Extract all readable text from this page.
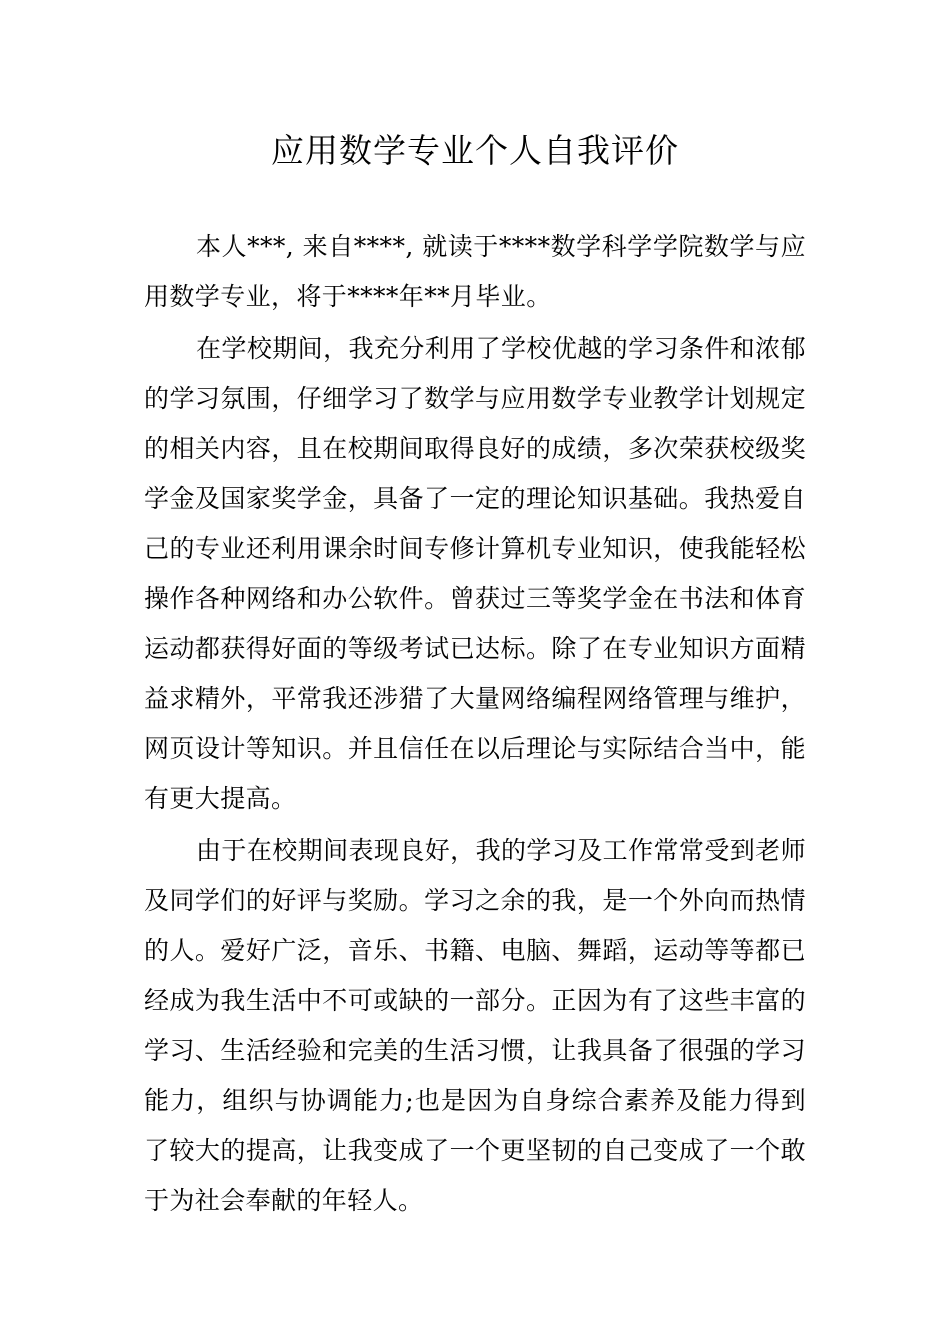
应用数学专业个人自我评价

本人***, 来自****, 就读于****数学科学学院数学与应用数学专业，将于****年**月毕业。

在学校期间，我充分利用了学校优越的学习条件和浓郁的学习氛围，仔细学习了数学与应用数学专业教学计划规定的相关内容，且在校期间取得良好的成绩，多次荣获校级奖学金及国家奖学金，具备了一定的理论知识基础。我热爱自己的专业还利用课余时间专修计算机专业知识，使我能轻松操作各种网络和办公软件。曾获过三等奖学金在书法和体育运动都获得好面的等级考试已达标。除了在专业知识方面精益求精外，平常我还涉猎了大量网络编程网络管理与维护，网页设计等知识。并且信任在以后理论与实际结合当中，能有更大提高。

由于在校期间表现良好，我的学习及工作常常受到老师及同学们的好评与奖励。学习之余的我，是一个外向而热情的人。爱好广泛，音乐、书籍、电脑、舞蹈，运动等等都已经成为我生活中不可或缺的一部分。正因为有了这些丰富的学习、生活经验和完美的生活习惯，让我具备了很强的学习能力，组织与协调能力;也是因为自身综合素养及能力得到了较大的提高，让我变成了一个更坚韧的自己变成了一个敢于为社会奉献的年轻人。
